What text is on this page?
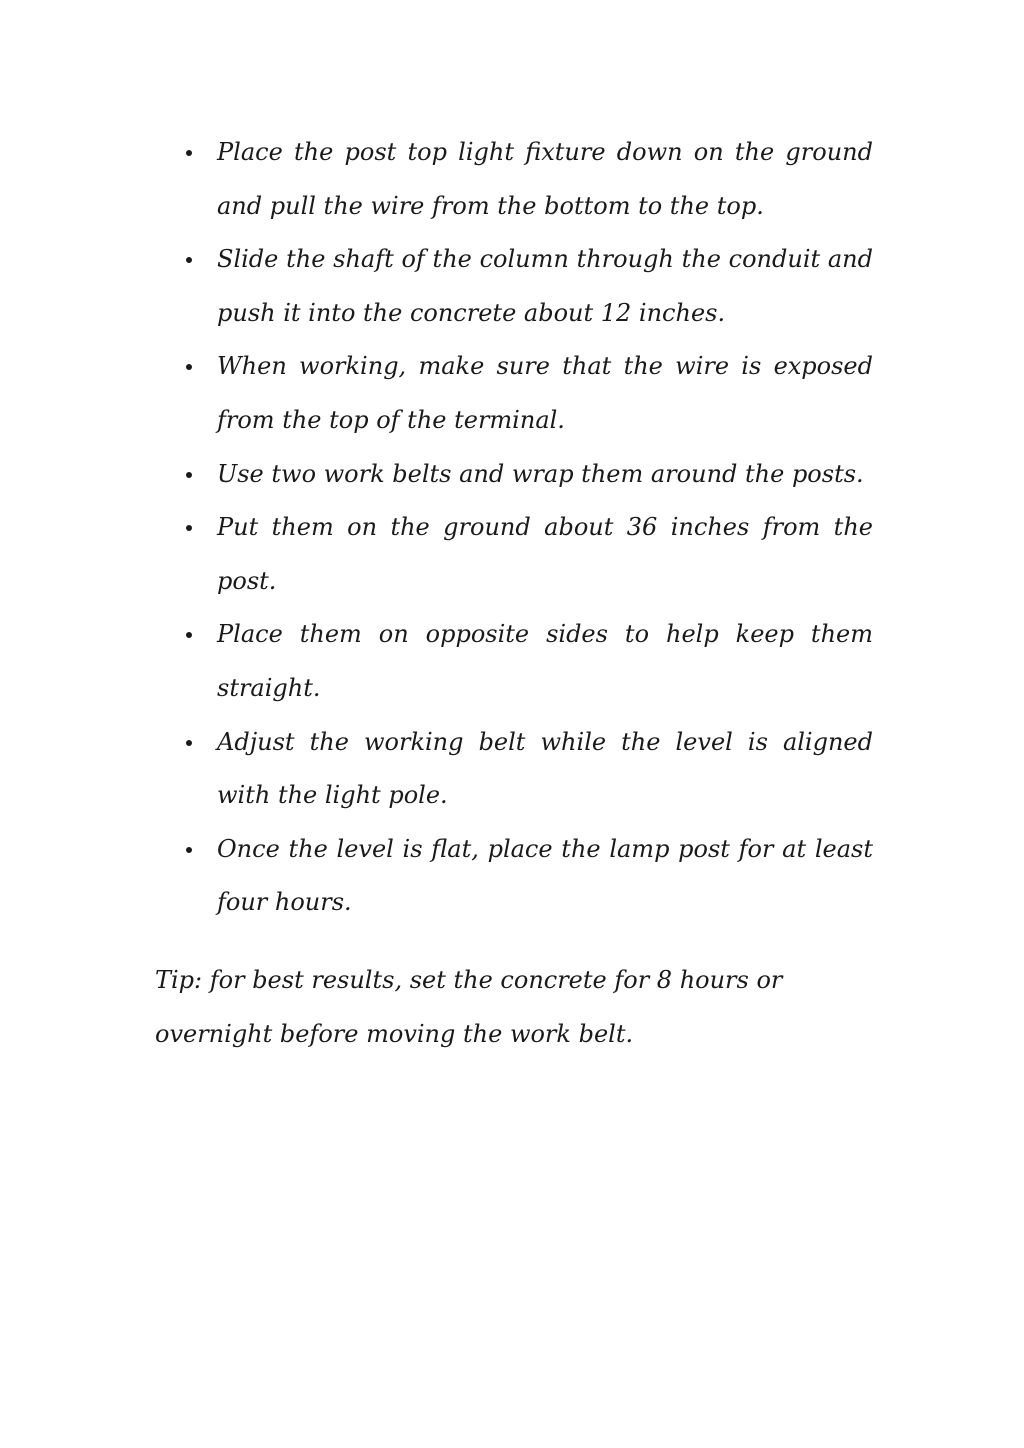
Place the post top light fixture down on the ground and pull the wire from the bottom to the top.
Slide the shaft of the column through the conduit and push it into the concrete about 12 inches.
When working, make sure that the wire is exposed from the top of the terminal.
Use two work belts and wrap them around the posts.
Put them on the ground about 36 inches from the post.
Place them on opposite sides to help keep them straight.
Adjust the working belt while the level is aligned with the light pole.
Once the level is flat, place the lamp post for at least four hours.

Tip: for best results, set the concrete for 8 hours or overnight before moving the work belt.
